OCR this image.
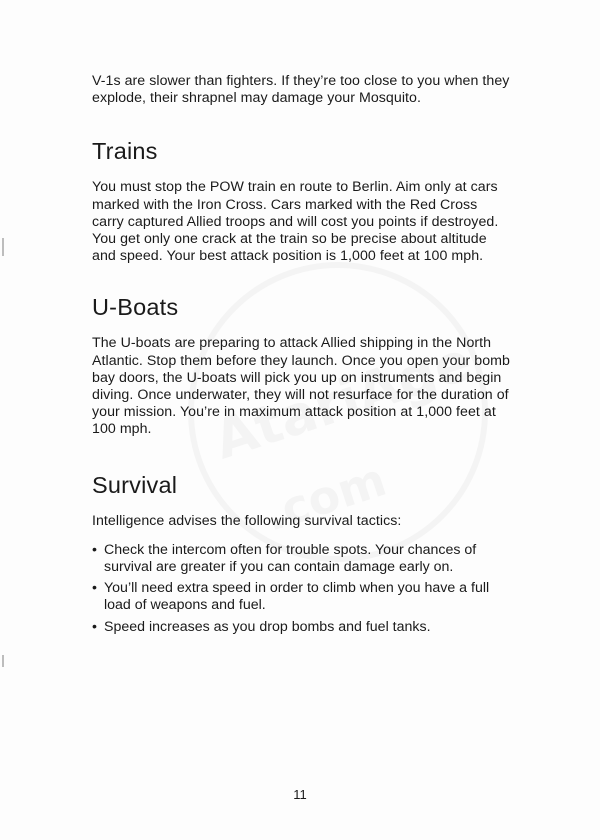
V-1s are slower than fighters. If they’re too close to you when they explode, their shrapnel may damage your Mosquito.

Trains

You must stop the POW train en route to Berlin. Aim only at cars marked with the Iron Cross. Cars marked with the Red Cross carry captured Allied troops and will cost you points if destroyed. You get only one crack at the train so be precise about altitude and speed. Your best attack position is 1,000 feet at 100 mph.

U-Boats

The U-boats are preparing to attack Allied shipping in the North Atlantic. Stop them before they launch. Once you open your bomb bay doors, the U-boats will pick you up on instruments and begin diving. Once underwater, they will not resurface for the duration of your mission. You’re in maximum attack position at 1,000 feet at 100 mph.

Survival

Intelligence advises the following survival tactics:

• Check the intercom often for trouble spots. Your chances of survival are greater if you can contain damage early on.
• You’ll need extra speed in order to climb when you have a full load of weapons and fuel.
• Speed increases as you drop bombs and fuel tanks.
11
